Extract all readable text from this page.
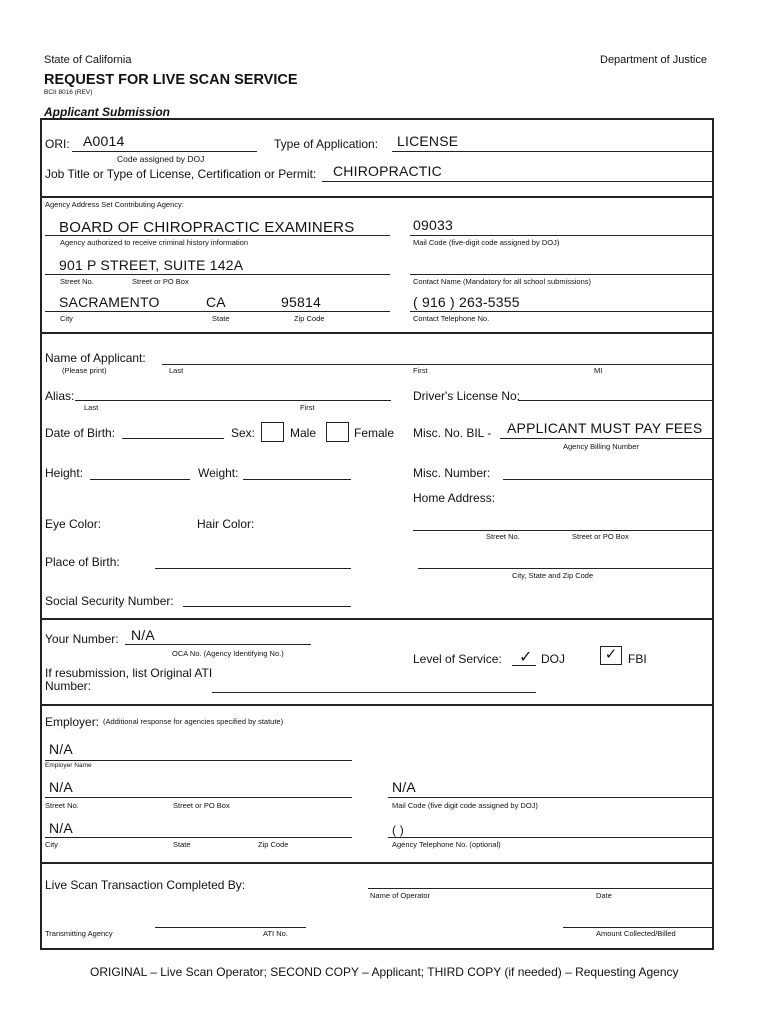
State of California	Department of Justice
REQUEST FOR LIVE SCAN SERVICE
BCII 8016 (REV)
Applicant Submission
ORI: A0014
Code assigned by DOJ
Type of Application: LICENSE
Job Title or Type of License, Certification or Permit: CHIROPRACTIC
Agency Address Set Contributing Agency:
BOARD OF CHIROPRACTIC EXAMINERS
Agency authorized to receive criminal history information
09033
Mail Code (five-digit code assigned by DOJ)
901 P STREET, SUITE 142A
Street No.	Street or PO Box	Contact Name (Mandatory for all school submissions)
SACRAMENTO	CA	95814
City	State	Zip Code
( 916 ) 263-5355
Contact Telephone No.
Name of Applicant:
(Please print)	Last	First	MI
Alias:
Last	First
Driver's License No:
Date of Birth:	Sex:	Male	Female Misc. No. BIL - APPLICANT MUST PAY FEES
Agency Billing Number
Height:	Weight:	Misc. Number:
Home Address:
Eye Color:	Hair Color:
Street No.	Street or PO Box
Place of Birth:
City, State and Zip Code
Social Security Number:
Your Number: N/A
OCA No. (Agency Identifying No.)	Level of Service: ✓ DOJ	✓ FBI
If resubmission, list Original ATI
Number:
Employer: (Additional response for agencies specified by statute)
N/A
Employer Name
N/A
Street No.	Street or PO Box
N/A
Mail Code (five digit code assigned by DOJ)
N/A
City	State	Zip Code
( )
Agency Telephone No. (optional)
Live Scan Transaction Completed By:
Name of Operator	Date
Transmitting Agency	ATI No.	Amount Collected/Billed
ORIGINAL – Live Scan Operator; SECOND COPY – Applicant; THIRD COPY (if needed) – Requesting Agency
